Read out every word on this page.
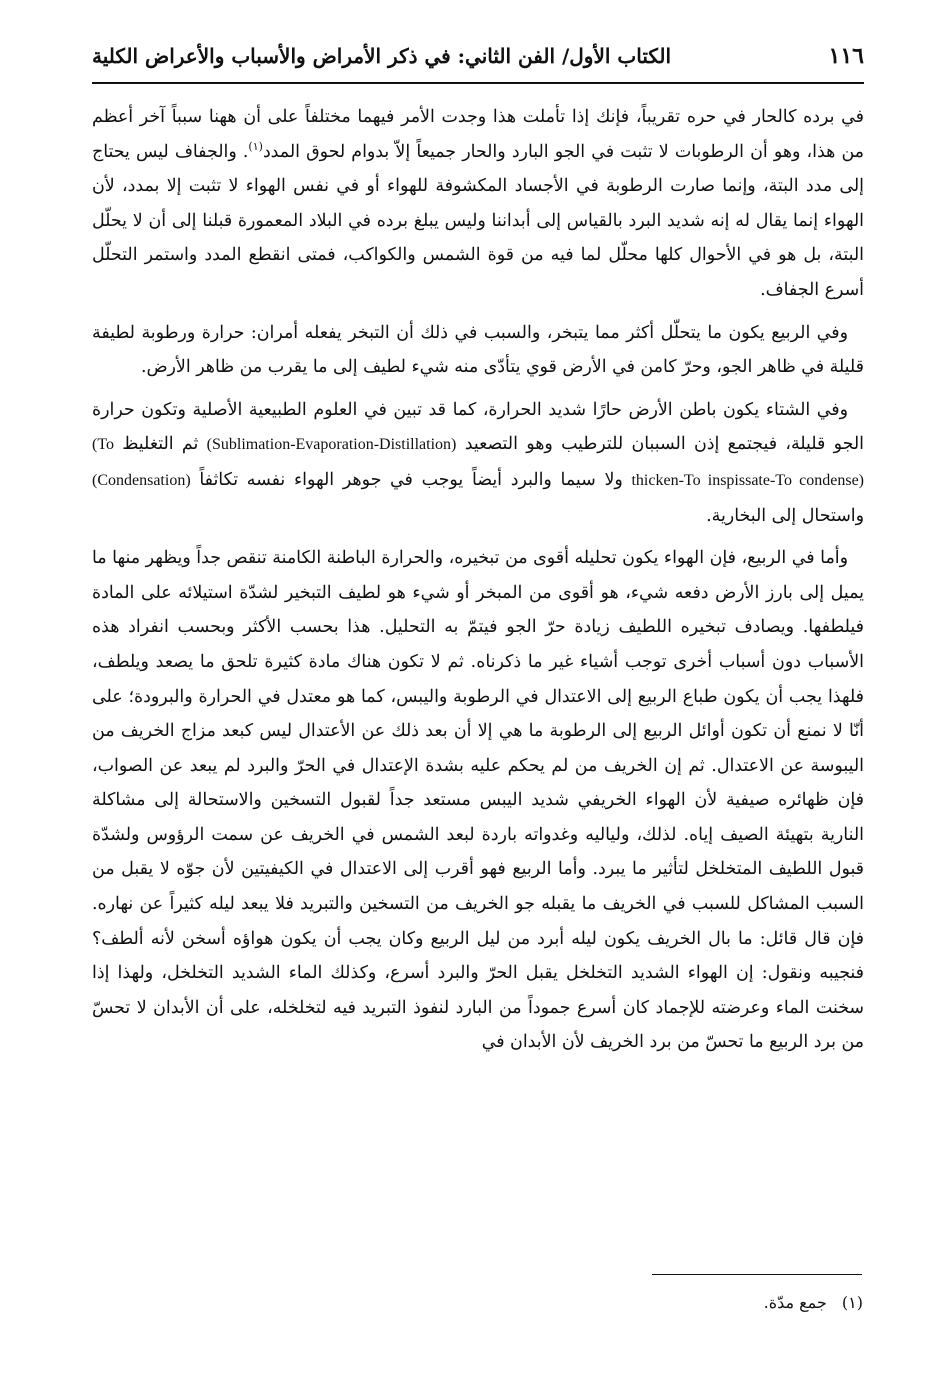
١١٦
الكتاب الأول/ الفن الثاني: في ذكر الأمراض والأسباب والأعراض الكلية

في برده كالحار في حره تقريباً، فإنك إذا تأملت هذا وجدت الأمر فيهما مختلفاً على أن ههنا سبباً آخر أعظم من هذا، وهو أن الرطوبات لا تثبت في الجو البارد والحار جميعاً إلاّ بدوام لحوق المدد$^{(١)}$. والجفاف ليس يحتاج إلى مدد البتة، وإنما صارت الرطوبة في الأجساد المكشوفة للهواء أو في نفس الهواء لا تثبت إلا بمدد، لأن الهواء إنما يقال له إنه شديد البرد بالقياس إلى أبداننا وليس يبلغ برده في البلاد المعمورة قبلنا إلى أن لا يحلّل البتة، بل هو في الأحوال كلها محلّل لما فيه من قوة الشمس والكواكب، فمتى انقطع المدد واستمر التحلّل أسرع الجفاف.

وفي الربيع يكون ما يتحلّل أكثر مما يتبخر، والسبب في ذلك أن التبخر يفعله أمران: حرارة ورطوبة لطيفة قليلة في ظاهر الجو، وحرّ كامن في الأرض قوي يتأدّى منه شيء لطيف إلى ما يقرب من ظاهر الأرض.

وفي الشتاء يكون باطن الأرض حارًا شديد الحرارة، كما قد تبين في العلوم الطبيعية الأصلية وتكون حرارة الجو قليلة، فيجتمع إذن السببان للترطيب وهو التصعيد (Sublimation-Evaporation-Distillation) ثم التغليظ (To thicken-To inspissate-To condense) ولا سيما والبرد أيضاً يوجب في جوهر الهواء نفسه تكاثفاً (Condensation) واستحال إلى البخارية.

وأما في الربيع، فإن الهواء يكون تحليله أقوى من تبخيره، والحرارة الباطنة الكامنة تنقص جداً ويظهر منها ما يميل إلى بارز الأرض دفعه شيء، هو أقوى من المبخر أو شيء هو لطيف التبخير لشدّة استيلائه على المادة فيلطفها. ويصادف تبخيره اللطيف زيادة حرّ الجو فيتمّ به التحليل. هذا بحسب الأكثر وبحسب انفراد هذه الأسباب دون أسباب أخرى توجب أشياء غير ما ذكرناه. ثم لا تكون هناك مادة كثيرة تلحق ما يصعد ويلطف، فلهذا يجب أن يكون طباع الربيع إلى الاعتدال في الرطوبة واليبس، كما هو معتدل في الحرارة والبرودة؛ على أنّا لا نمنع أن تكون أوائل الربيع إلى الرطوبة ما هي إلا أن بعد ذلك عن الأعتدال ليس كبعد مزاج الخريف من اليبوسة عن الاعتدال. ثم إن الخريف من لم يحكم عليه بشدة الإعتدال في الحرّ والبرد لم يبعد عن الصواب، فإن ظهائره صيفية لأن الهواء الخريفي شديد اليبس مستعد جداً لقبول التسخين والاستحالة إلى مشاكلة النارية بتهيئة الصيف إياه. لذلك، ولياليه وغدواته باردة لبعد الشمس في الخريف عن سمت الرؤوس ولشدّة قبول اللطيف المتخلخل لتأثير ما يبرد. وأما الربيع فهو أقرب إلى الاعتدال في الكيفيتين لأن جوّه لا يقبل من السبب المشاكل للسبب في الخريف ما يقبله جو الخريف من التسخين والتبريد فلا يبعد ليله كثيراً عن نهاره. فإن قال قائل: ما بال الخريف يكون ليله أبرد من ليل الربيع وكان يجب أن يكون هواؤه أسخن لأنه ألطف؟ فنجيبه ونقول: إن الهواء الشديد التخلخل يقبل الحرّ والبرد أسرع، وكذلك الماء الشديد التخلخل، ولهذا إذا سخنت الماء وعرضته للإجماد كان أسرع جموداً من البارد لنفوذ التبريد فيه لتخلخله، على أن الأبدان لا تحسّ من برد الربيع ما تحسّ من برد الخريف لأن الأبدان في

(١) جمع مدّة.
